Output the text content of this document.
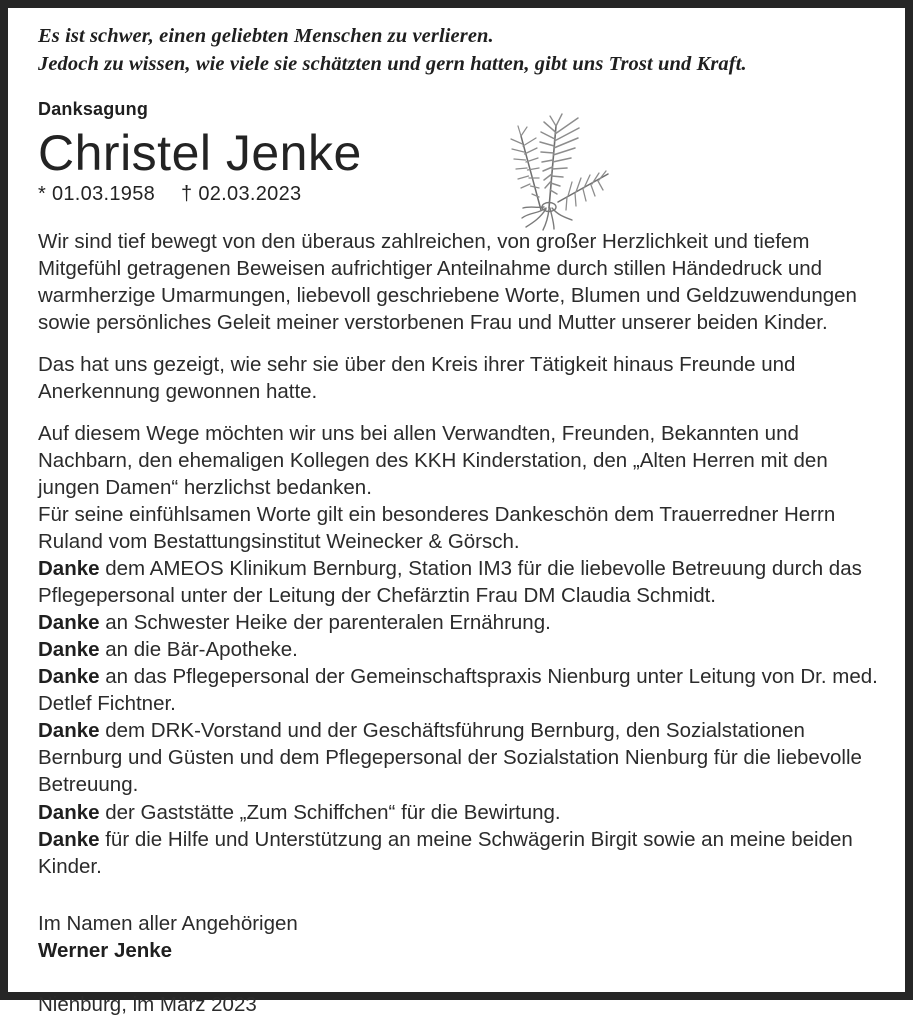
Es ist schwer, einen geliebten Menschen zu verlieren.
Jedoch zu wissen, wie viele sie schätzten und gern hatten, gibt uns Trost und Kraft.
Danksagung
Christel Jenke
* 01.03.1958 † 02.03.2023

Wir sind tief bewegt von den überaus zahlreichen, von großer Herzlichkeit und tiefem Mitgefühl getragenen Beweisen aufrichtiger Anteilnahme durch stillen Händedruck und warmherzige Umarmungen, liebevoll geschriebene Worte, Blumen und Geldzuwendungen sowie persönliches Geleit meiner verstorbenen Frau und Mutter unserer beiden Kinder.

Das hat uns gezeigt, wie sehr sie über den Kreis ihrer Tätigkeit hinaus Freunde und Anerkennung gewonnen hatte.

Auf diesem Wege möchten wir uns bei allen Verwandten, Freunden, Bekannten und Nachbarn, den ehemaligen Kollegen des KKH Kinderstation, den „Alten Herren mit den jungen Damen“ herzlichst bedanken.

Für seine einfühlsamen Worte gilt ein besonderes Dankeschön dem Trauerredner Herrn Ruland vom Bestattungsinstitut Weinecker & Görsch.

Danke dem AMEOS Klinikum Bernburg, Station IM3 für die liebevolle Betreuung durch das Pflegepersonal unter der Leitung der Chefärztin Frau DM Claudia Schmidt.

Danke an Schwester Heike der parenteralen Ernährung.

Danke an die Bär-Apotheke.

Danke an das Pflegepersonal der Gemeinschaftspraxis Nienburg unter Leitung von Dr. med. Detlef Fichtner.

Danke dem DRK-Vorstand und der Geschäftsführung Bernburg, den Sozialstationen Bernburg und Güsten und dem Pflegepersonal der Sozialstation Nienburg für die liebevolle Betreuung.

Danke der Gaststätte „Zum Schiffchen“ für die Bewirtung.

Danke für die Hilfe und Unterstützung an meine Schwägerin Birgit sowie an meine beiden Kinder.

Im Namen aller Angehörigen
Werner Jenke
Nienburg, im März 2023
